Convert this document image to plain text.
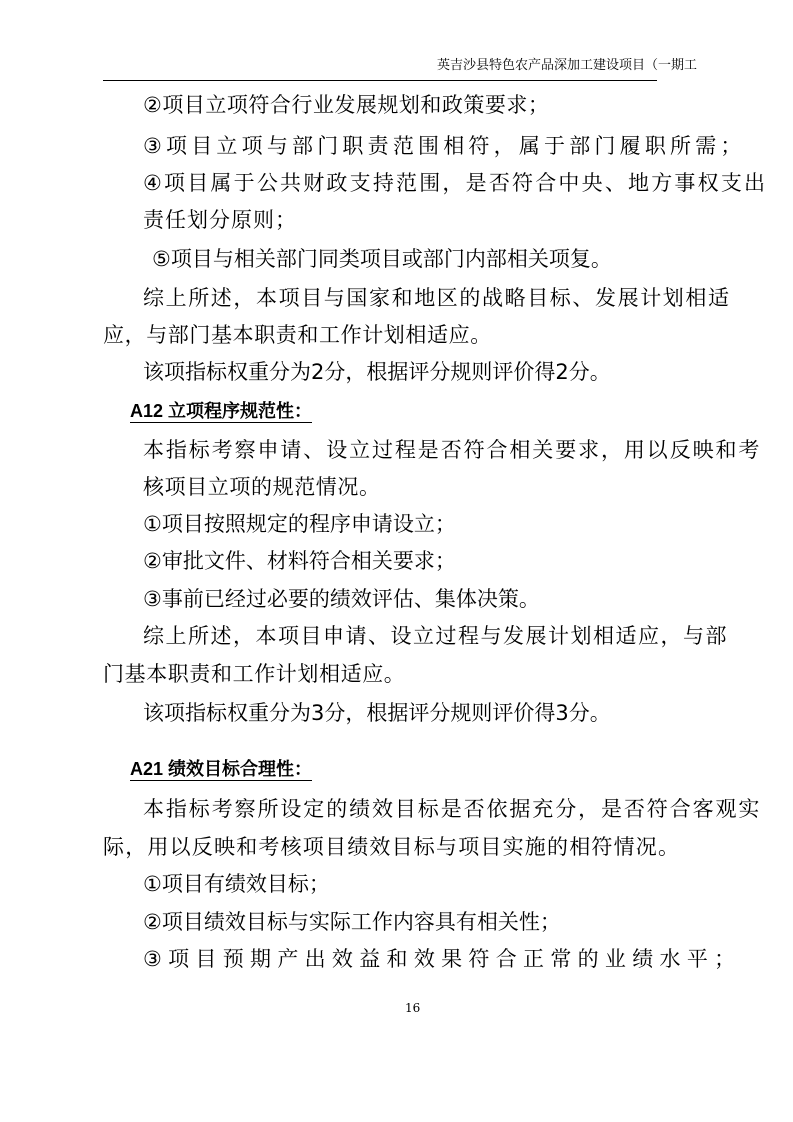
英吉沙县特色农产品深加工建设项目（一期工
②项目立项符合行业发展规划和政策要求；
③项目立项与部门职责范围相符，属于部门履职所需；
④项目属于公共财政支持范围，是否符合中央、地方事权支出
责任划分原则；
⑤项目与相关部门同类项目或部门内部相关项复。
综上所述，本项目与国家和地区的战略目标、发展计划相适
应，与部门基本职责和工作计划相适应。
该项指标权重分为2分，根据评分规则评价得2分。
A12 立项程序规范性：
本指标考察申请、设立过程是否符合相关要求，用以反映和考
核项目立项的规范情况。
①项目按照规定的程序申请设立；
②审批文件、材料符合相关要求；
③事前已经过必要的绩效评估、集体决策。
综上所述，本项目申请、设立过程与发展计划相适应，与部
门基本职责和工作计划相适应。
该项指标权重分为3分，根据评分规则评价得3分。
A21 绩效目标合理性：
本指标考察所设定的绩效目标是否依据充分，是否符合客观实
际，用以反映和考核项目绩效目标与项目实施的相符情况。
①项目有绩效目标；
②项目绩效目标与实际工作内容具有相关性；
③项目预期产出效益和效果符合正常的业绩水平；
16
